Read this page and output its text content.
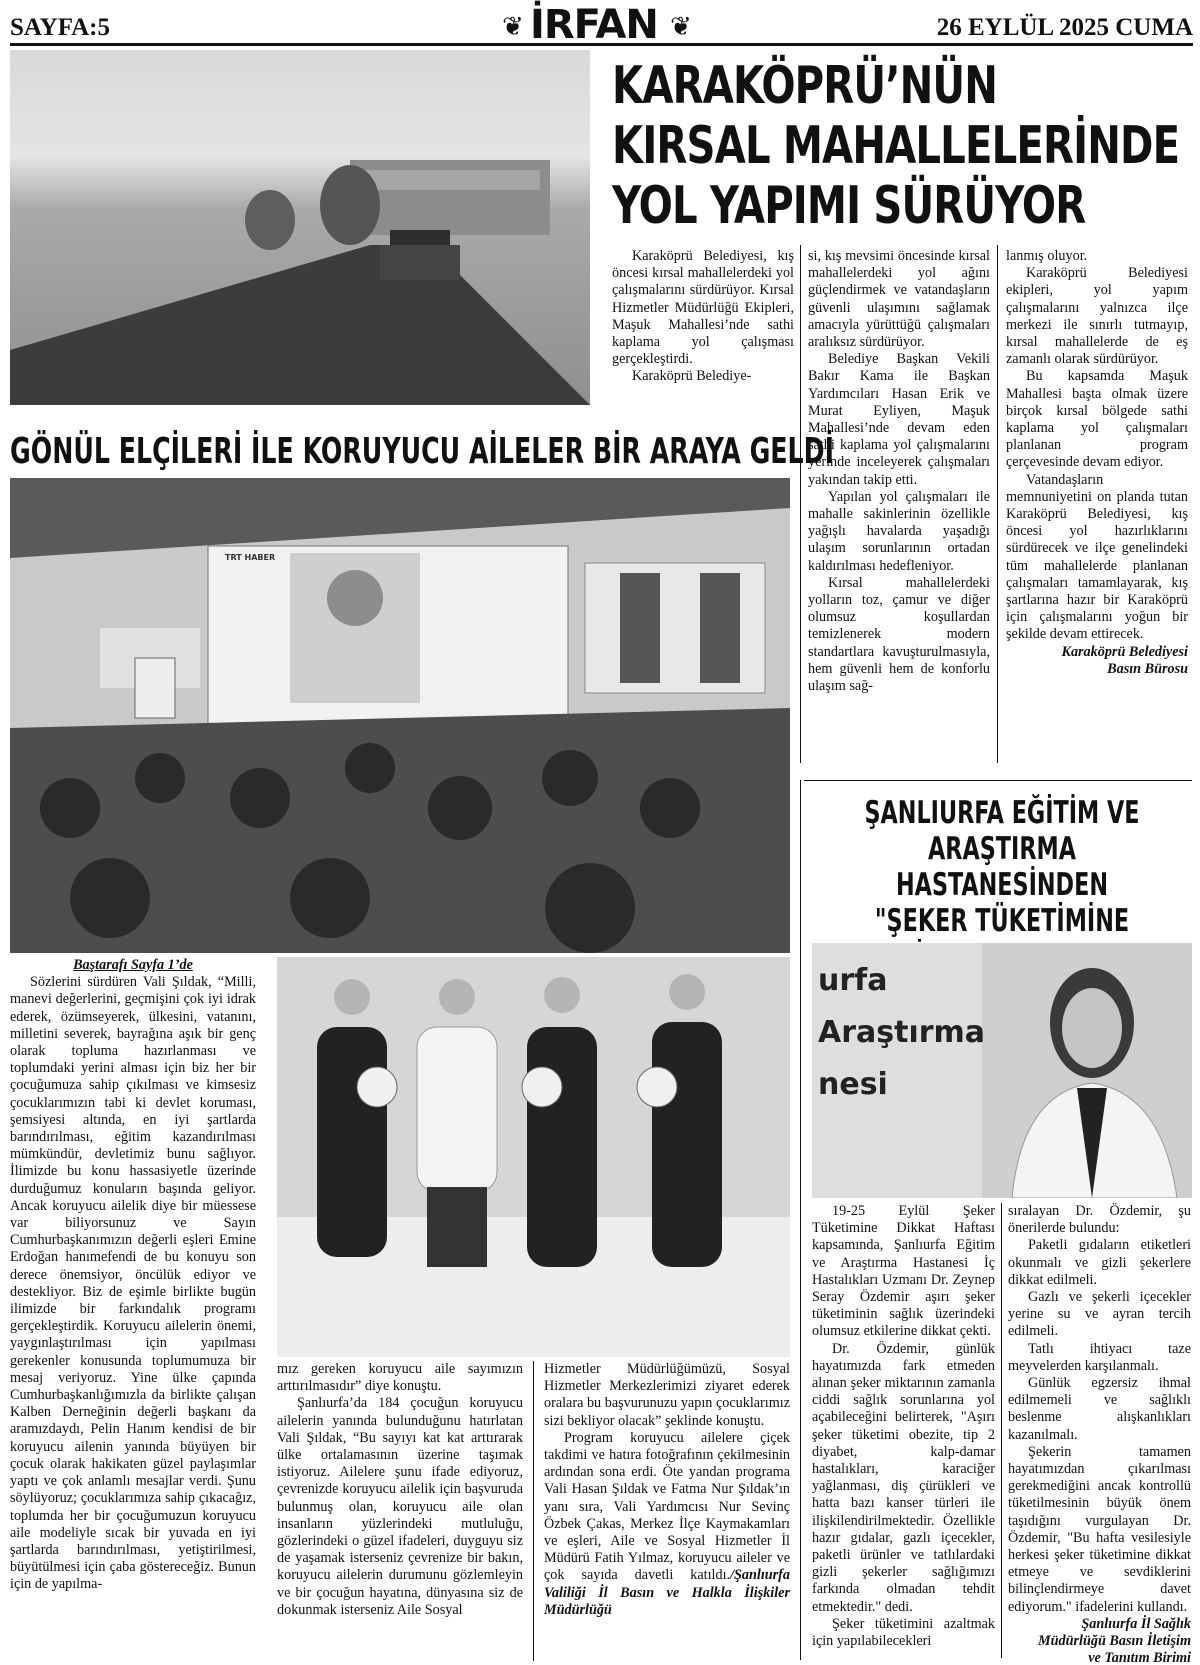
SAYFA:5	❦ İRFAN ❦	26 EYLÜL 2025 CUMA
KARAKÖPRÜ’NÜN
KIRSAL MAHALLELERİNDE
YOL YAPIMI SÜRÜYOR

Karaköprü Belediyesi, kış öncesi kırsal mahallelerdeki yol çalışmalarını sürdürüyor. Kırsal Hizmetler Müdürlüğü Ekipleri, Maşuk Mahallesi’nde sathi kaplama yol çalışması gerçekleştirdi.

Karaköprü Belediye-

si, kış mevsimi öncesinde kırsal mahallelerdeki yol ağını güçlendirmek ve vatandaşların güvenli ulaşımını sağlamak amacıyla yürüttüğü çalışmaları aralıksız sürdürüyor.

Belediye Başkan Vekili Bakır Kama ile Başkan Yardımcıları Hasan Erik ve Murat Eyliyen, Maşuk Mahallesi’nde devam eden sathi kaplama yol çalışmalarını yerinde inceleyerek çalışmaları yakından takip etti.

Yapılan yol çalışmaları ile mahalle sakinlerinin özellikle yağışlı havalarda yaşadığı ulaşım sorunlarının ortadan kaldırılması hedefleniyor.

Kırsal mahallelerdeki yolların toz, çamur ve diğer olumsuz koşullardan temizlenerek modern standartlara kavuşturulmasıyla, hem güvenli hem de konforlu ulaşım sağ-

lanmış oluyor.

Karaköprü Belediyesi ekipleri, yol yapım çalışmalarını yalnızca ilçe merkezi ile sınırlı tutmayıp, kırsal mahallelerde de eş zamanlı olarak sürdürüyor.

Bu kapsamda Maşuk Mahallesi başta olmak üzere birçok kırsal bölgede sathi kaplama yol çalışmaları planlanan program çerçevesinde devam ediyor.

Vatandaşların memnuniyetini on planda tutan Karaköprü Belediyesi, kış öncesi yol hazırlıklarını sürdürecek ve ilçe genelindeki tüm mahallelerde planlanan çalışmaları tamamlayarak, kış şartlarına hazır bir Karaköprü için çalışmalarını yoğun bir şekilde devam ettirecek.

Karaköprü Belediyesi
Basın Bürosu
GÖNÜL ELÇİLERİ İLE KORUYUCU AİLELER BİR ARAYA GELDİ
TRT HABER
Baştarafı Sayfa 1’de

Sözlerini sürdüren Vali Şıldak, “Milli, manevi değerlerini, geçmişini çok iyi idrak ederek, özümseyerek, ülkesini, vatanını, milletini severek, bayrağına aşık bir genç olarak topluma hazırlanması ve toplumdaki yerini alması için biz her bir çocuğumuza sahip çıkılması ve kimsesiz çocuklarımızın tabi ki devlet koruması, şemsiyesi altında, en iyi şartlarda barındırılması, eğitim kazandırılması mümkündür, devletimiz bunu sağlıyor. İlimizde bu konu hassasiyetle üzerinde durduğumuz konuların başında geliyor. Ancak koruyucu ailelik diye bir müessese var biliyorsunuz ve Sayın Cumhurbaşkanımızın değerli eşleri Emine Erdoğan hanımefendi de bu konuyu son derece önemsiyor, öncülük ediyor ve destekliyor. Biz de eşimle birlikte bugün ilimizde bir farkındalık programı gerçekleştirdik. Koruyucu ailelerin önemi, yaygınlaştırılması için yapılması gerekenler konusunda toplumumuza bir mesaj veriyoruz. Yine ülke çapında Cumhurbaşkanlığımızla da birlikte çalışan Kalben Derneğinin değerli başkanı da aramızdaydı, Pelin Hanım kendisi de bir koruyucu ailenin yanında büyüyen bir çocuk olarak hakikaten güzel paylaşımlar yaptı ve çok anlamlı mesajlar verdi. Şunu söylüyoruz; çocuklarımıza sahip çıkacağız, toplumda her bir çocuğumuzun koruyucu aile modeliyle sıcak bir yuvada en iyi şartlarda barındırılması, yetiştirilmesi, büyütülmesi için çaba göstereceğiz. Bunun için de yapılma-

mız gereken koruyucu aile sayımızın arttırılmasıdır” diye konuştu.

Şanlıurfa’da 184 çocuğun koruyucu ailelerin yanında bulunduğunu hatırlatan Vali Şıldak, “Bu sayıyı kat kat arttırarak ülke ortalamasının üzerine taşımak istiyoruz. Ailelere şunu ifade ediyoruz, çevrenizde koruyucu ailelik için başvuruda bulunmuş olan, koruyucu aile olan insanların yüzlerindeki mutluluğu, gözlerindeki o güzel ifadeleri, duyguyu siz de yaşamak isterseniz çevrenize bir bakın, koruyucu ailelerin durumunu gözlemleyin ve bir çocuğun hayatına, dünyasına siz de dokunmak isterseniz Aile Sosyal

Hizmetler Müdürlüğümüzü, Sosyal Hizmetler Merkezlerimizi ziyaret ederek oralara bu başvurunuzu yapın çocuklarımız sizi bekliyor olacak” şeklinde konuştu.

Program koruyucu ailelere çiçek takdimi ve hatıra fotoğrafının çekilmesinin ardından sona erdi. Öte yandan programa Vali Hasan Şıldak ve Fatma Nur Şıldak’ın yanı sıra, Vali Yardımcısı Nur Sevinç Özbek Çakas, Merkez İlçe Kaymakamları ve eşleri, Aile ve Sosyal Hizmetler İl Müdürü Fatih Yılmaz, koruyucu aileler ve çok sayıda davetli katıldı./Şanlıurfa Valiliği İl Basın ve Halkla İlişkiler Müdürlüğü

ŞANLIURFA EĞİTİM VE
ARAŞTIRMA HASTANESİNDEN
"ŞEKER TÜKETİMİNE
urfa
Araştırma
nesi

19-25 Eylül Şeker Tüketimine Dikkat Haftası kapsamında, Şanlıurfa Eğitim ve Araştırma Hastanesi İç Hastalıkları Uzmanı Dr. Zeynep Seray Özdemir aşırı şeker tüketiminin sağlık üzerindeki olumsuz etkilerine dikkat çekti.

Dr. Özdemir, günlük hayatımızda fark etmeden alınan şeker miktarının zamanla ciddi sağlık sorunlarına yol açabileceğini belirterek, "Aşırı şeker tüketimi obezite, tip 2 diyabet, kalp-damar hastalıkları, karaciğer yağlanması, diş çürükleri ve hatta bazı kanser türleri ile ilişkilendirilmektedir. Özellikle hazır gıdalar, gazlı içecekler, paketli ürünler ve tatlılardaki gizli şekerler sağlığımızı farkında olmadan tehdit etmektedir." dedi.

Şeker tüketimini azaltmak için yapılabilecekleri

sıralayan Dr. Özdemir, şu önerilerde bulundu:

Paketli gıdaların etiketleri okunmalı ve gizli şekerlere dikkat edilmeli.

Gazlı ve şekerli içecekler yerine su ve ayran tercih edilmeli.

Tatlı ihtiyacı taze meyvelerden karşılanmalı.

Günlük egzersiz ihmal edilmemeli ve sağlıklı beslenme alışkanlıkları kazanılmalı.

Şekerin tamamen hayatımızdan çıkarılması gerekmediğini ancak kontrollü tüketilmesinin büyük önem taşıdığını vurgulayan Dr. Özdemir, "Bu hafta vesilesiyle herkesi şeker tüketimine dikkat etmeye ve sevdiklerini bilinçlendirmeye davet ediyorum." ifadelerini kullandı.

Şanlıurfa İl Sağlık
Müdürlüğü Basın İletişim
ve Tanıtım Birimi
